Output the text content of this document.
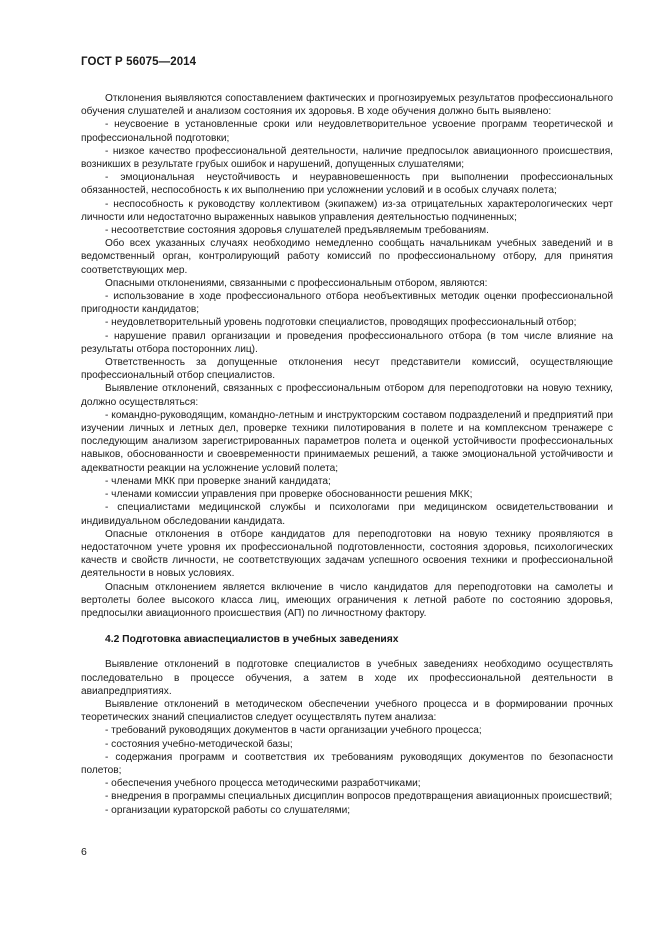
ГОСТ Р 56075—2014

Отклонения выявляются сопоставлением фактических и прогнозируемых результатов профессионального обучения слушателей и анализом состояния их здоровья. В ходе обучения должно быть выявлено:

- неусвоение в установленные сроки или неудовлетворительное усвоение программ теоретической и профессиональной подготовки;

- низкое качество профессиональной деятельности, наличие предпосылок авиационного происшествия, возникших в результате грубых ошибок и нарушений, допущенных слушателями;

- эмоциональная неустойчивость и неуравновешенность при выполнении профессиональных обязанностей, неспособность к их выполнению при усложнении условий и в особых случаях полета;

- неспособность к руководству коллективом (экипажем) из-за отрицательных характерологических черт личности или недостаточно выраженных навыков управления деятельностью подчиненных;

- несоответствие состояния здоровья слушателей предъявляемым требованиям.

Обо всех указанных случаях необходимо немедленно сообщать начальникам учебных заведений и в ведомственный орган, контролирующий работу комиссий по профессиональному отбору, для принятия соответствующих мер.

Опасными отклонениями, связанными с профессиональным отбором, являются:

- использование в ходе профессионального отбора необъективных методик оценки профессиональной пригодности кандидатов;

- неудовлетворительный уровень подготовки специалистов, проводящих профессиональный отбор;

- нарушение правил организации и проведения профессионального отбора (в том числе влияние на результаты отбора посторонних лиц).

Ответственность за допущенные отклонения несут представители комиссий, осуществляющие профессиональный отбор специалистов.

Выявление отклонений, связанных с профессиональным отбором для переподготовки на новую технику, должно осуществляться:

- командно-руководящим, командно-летным и инструкторским составом подразделений и предприятий при изучении личных и летных дел, проверке техники пилотирования в полете и на комплексном тренажере с последующим анализом зарегистрированных параметров полета и оценкой устойчивости профессиональных навыков, обоснованности и своевременности принимаемых решений, а также эмоциональной устойчивости и адекватности реакции на усложнение условий полета;

- членами МКК при проверке знаний кандидата;

- членами комиссии управления при проверке обоснованности решения МКК;

- специалистами медицинской службы и психологами при медицинском освидетельствовании и индивидуальном обследовании кандидата.

Опасные отклонения в отборе кандидатов для переподготовки на новую технику проявляются в недостаточном учете уровня их профессиональной подготовленности, состояния здоровья, психологических качеств и свойств личности, не соответствующих задачам успешного освоения техники и профессиональной деятельности в новых условиях.

Опасным отклонением является включение в число кандидатов для переподготовки на самолеты и вертолеты более высокого класса лиц, имеющих ограничения к летной работе по состоянию здоровья, предпосылки авиационного происшествия (АП) по личностному фактору.

4.2 Подготовка авиаспециалистов в учебных заведениях

Выявление отклонений в подготовке специалистов в учебных заведениях необходимо осуществлять последовательно в процессе обучения, а затем в ходе их профессиональной деятельности в авиапредприятиях.

Выявление отклонений в методическом обеспечении учебного процесса и в формировании прочных теоретических знаний специалистов следует осуществлять путем анализа:

- требований руководящих документов в части организации учебного процесса;

- состояния учебно-методической базы;

- содержания программ и соответствия их требованиям руководящих документов по безопасности полетов;

- обеспечения учебного процесса методическими разработчиками;

- внедрения в программы специальных дисциплин вопросов предотвращения авиационных происшествий;

- организации кураторской работы со слушателями;

6
